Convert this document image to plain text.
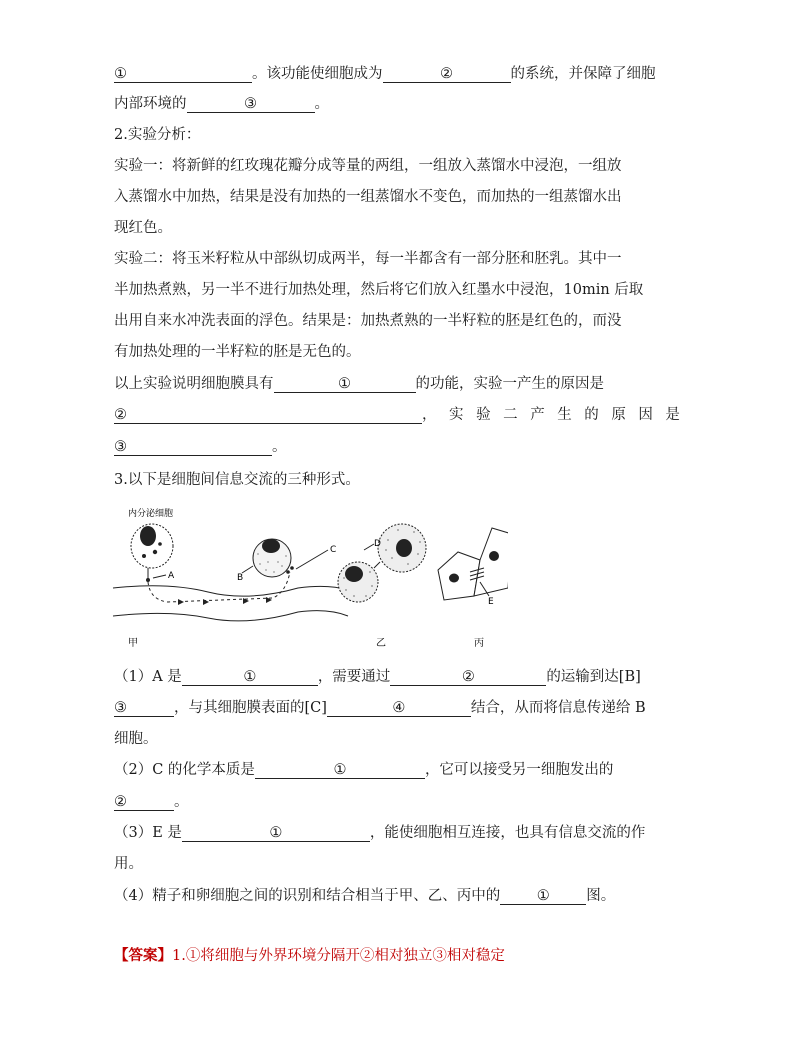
①	。该功能使细胞成为	②	的系统，并保障了细胞
内部环境的	③	。
2.实验分析：
实验一：将新鲜的红玫瑰花瓣分成等量的两组，一组放入蒸馏水中浸泡，一组放
入蒸馏水中加热，结果是没有加热的一组蒸馏水不变色，而加热的一组蒸馏水出
现红色。
实验二：将玉米籽粒从中部纵切成两半，每一半都含有一部分胚和胚乳。其中一
半加热煮熟，另一半不进行加热处理，然后将它们放入红墨水中浸泡，10min 后取
出用自来水冲洗表面的浮色。结果是：加热煮熟的一半籽粒的胚是红色的，而没
有加热处理的一半籽粒的胚是无色的。
以上实验说明细胞膜具有	①	的功能，实验一产生的原因是
②	， 实 验 二 产 生 的 原 因 是
③	。
3.以下是细胞间信息交流的三种形式。
内分泌细胞
A	B
C
甲
D
乙
E
丙
（1）A 是	①	，需要通过	②	的运输到达[B]
③	，与其细胞膜表面的[C]	④	结合，从而将信息传递给 B
细胞。
（2）C 的化学本质是	①	，它可以接受另一细胞发出的
②	。
（3）E 是	①	，能使细胞相互连接，也具有信息交流的作
用。
（4）精子和卵细胞之间的识别和结合相当于甲、乙、丙中的	①	图。
【答案】1.①将细胞与外界环境分隔开②相对独立③相对稳定
